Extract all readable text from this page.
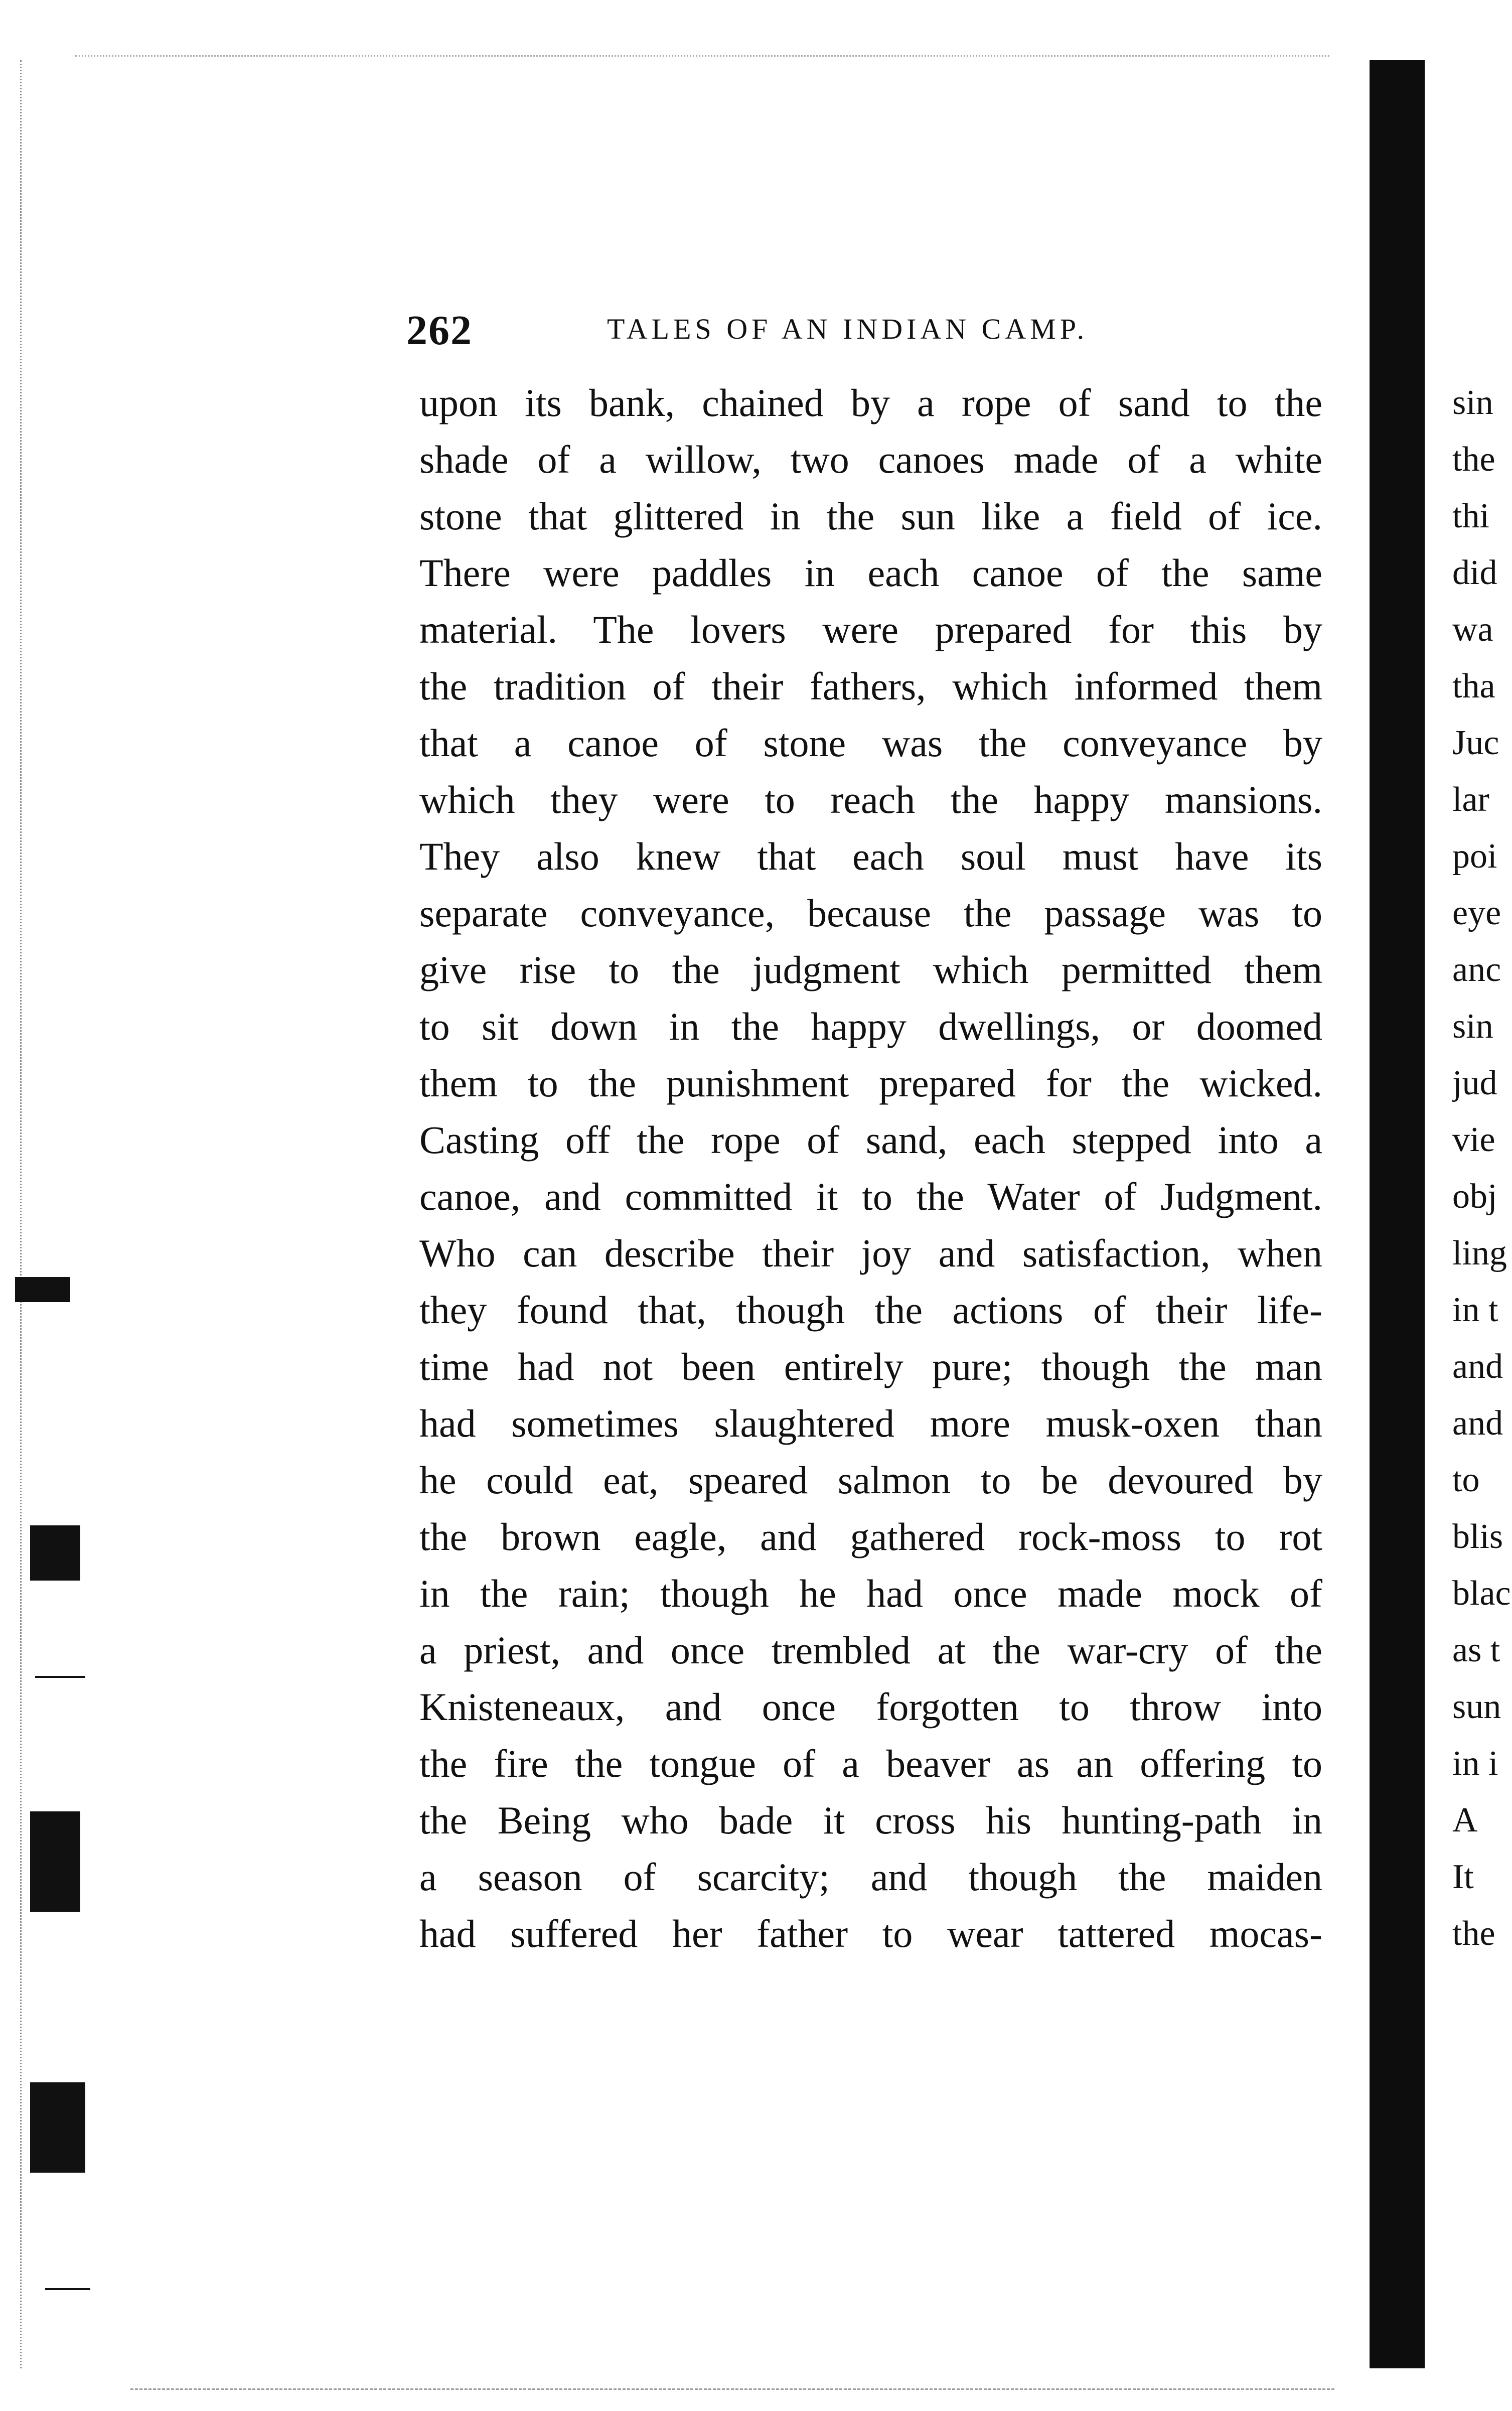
262	TALES OF AN INDIAN CAMP.
upon its bank, chained by a rope of sand to the
shade of a willow, two canoes made of a white
stone that glittered in the sun like a field of ice.
There were paddles in each canoe of the same
material. The lovers were prepared for this by
the tradition of their fathers, which informed them
that a canoe of stone was the conveyance by
which they were to reach the happy mansions.
They also knew that each soul must have its
separate conveyance, because the passage was to
give rise to the judgment which permitted them
to sit down in the happy dwellings, or doomed
them to the punishment prepared for the wicked.
Casting off the rope of sand, each stepped into a
canoe, and committed it to the Water of Judgment.
Who can describe their joy and satisfaction, when
they found that, though the actions of their life-
time had not been entirely pure; though the man
had sometimes slaughtered more musk-oxen than
he could eat, speared salmon to be devoured by
the brown eagle, and gathered rock-moss to rot
in the rain; though he had once made mock of
a priest, and once trembled at the war-cry of the
Knisteneaux, and once forgotten to throw into
the fire the tongue of a beaver as an offering to
the Being who bade it cross his hunting-path in
a season of scarcity; and though the maiden
had suffered her father to wear tattered mocas-
sin
the
thi
did
wa
tha
Juc
lar
poi
eye
anc
sin
jud
vie
obj
ling
in t
and
and
to
blis
blac
as t
sun
in i
A
It
the
